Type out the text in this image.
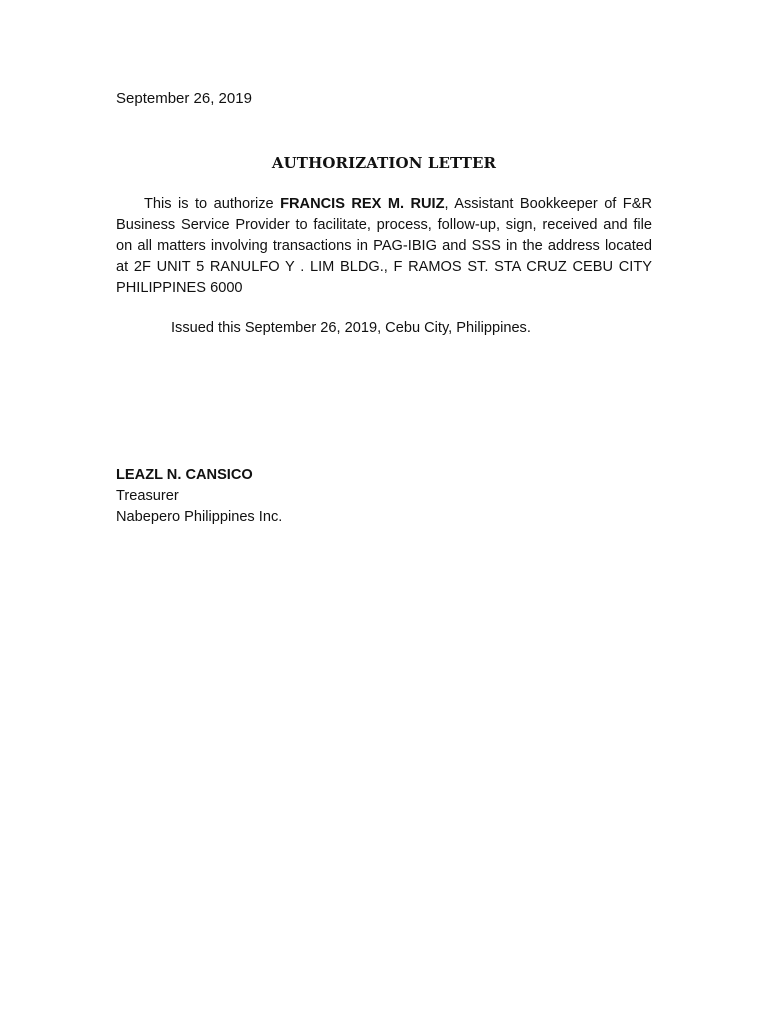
September 26, 2019
AUTHORIZATION LETTER

This is to authorize FRANCIS REX M. RUIZ, Assistant Bookkeeper of F&R Business Service Provider to facilitate, process, follow-up, sign, received and file on all matters involving transactions in PAG-IBIG and SSS in the address located at 2F UNIT 5 RANULFO Y . LIM BLDG., F RAMOS ST. STA CRUZ CEBU CITY PHILIPPINES 6000

Issued this September 26, 2019, Cebu City, Philippines.
LEAZL N. CANSICO
Treasurer
Nabepero Philippines Inc.
